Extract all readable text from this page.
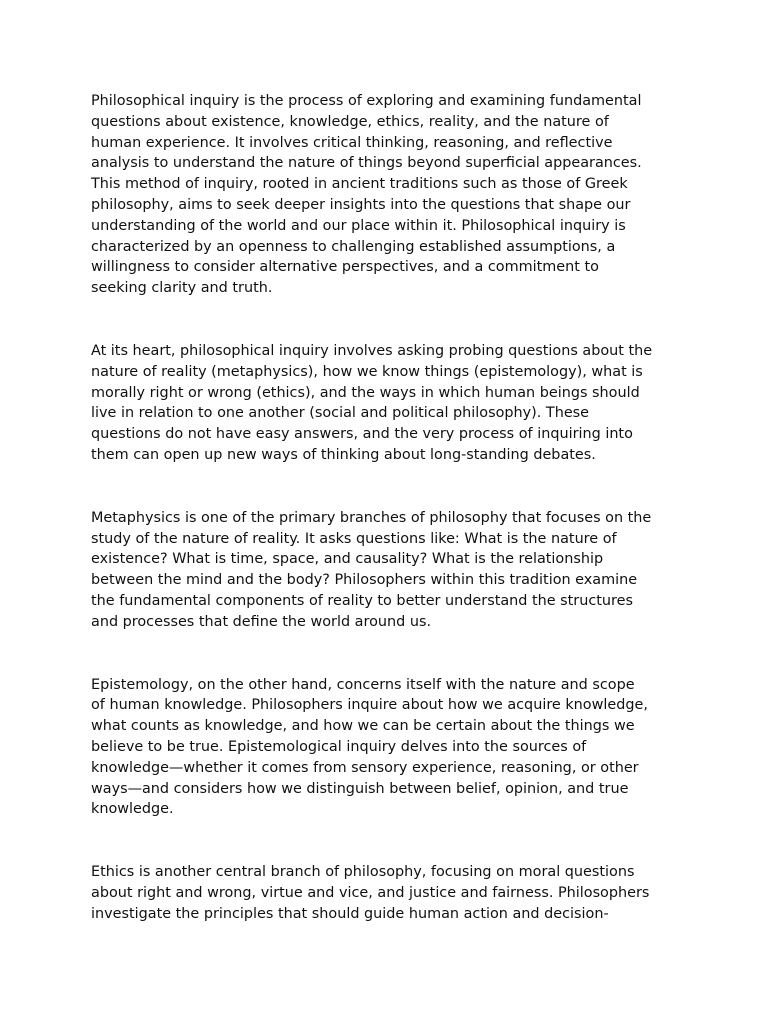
Philosophical inquiry is the process of exploring and examining fundamental
questions about existence, knowledge, ethics, reality, and the nature of
human experience. It involves critical thinking, reasoning, and reflective
analysis to understand the nature of things beyond superficial appearances.
This method of inquiry, rooted in ancient traditions such as those of Greek
philosophy, aims to seek deeper insights into the questions that shape our
understanding of the world and our place within it. Philosophical inquiry is
characterized by an openness to challenging established assumptions, a
willingness to consider alternative perspectives, and a commitment to
seeking clarity and truth.

At its heart, philosophical inquiry involves asking probing questions about the
nature of reality (metaphysics), how we know things (epistemology), what is
morally right or wrong (ethics), and the ways in which human beings should
live in relation to one another (social and political philosophy). These
questions do not have easy answers, and the very process of inquiring into
them can open up new ways of thinking about long-standing debates.

Metaphysics is one of the primary branches of philosophy that focuses on the
study of the nature of reality. It asks questions like: What is the nature of
existence? What is time, space, and causality? What is the relationship
between the mind and the body? Philosophers within this tradition examine
the fundamental components of reality to better understand the structures
and processes that define the world around us.

Epistemology, on the other hand, concerns itself with the nature and scope
of human knowledge. Philosophers inquire about how we acquire knowledge,
what counts as knowledge, and how we can be certain about the things we
believe to be true. Epistemological inquiry delves into the sources of
knowledge—whether it comes from sensory experience, reasoning, or other
ways—and considers how we distinguish between belief, opinion, and true
knowledge.

Ethics is another central branch of philosophy, focusing on moral questions
about right and wrong, virtue and vice, and justice and fairness. Philosophers
investigate the principles that should guide human action and decision-
